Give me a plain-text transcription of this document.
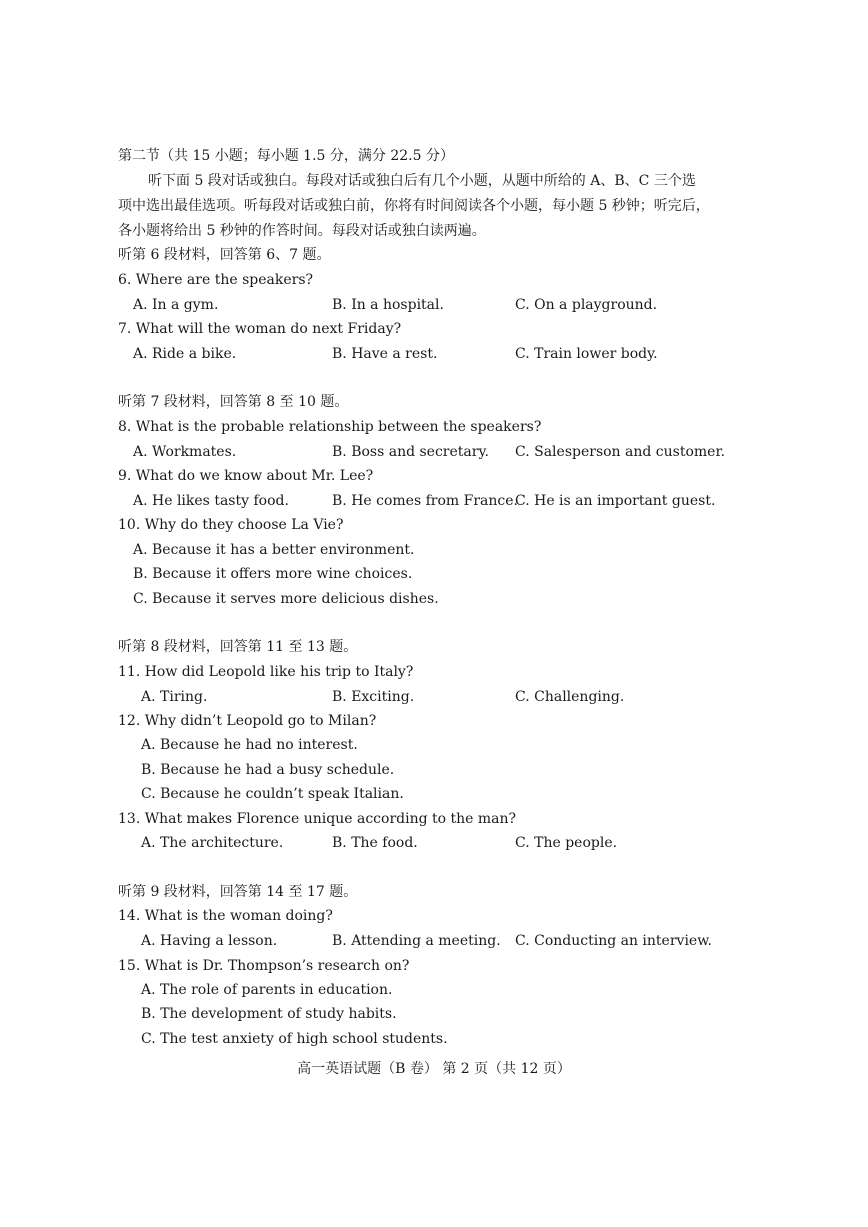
第二节（共 15 小题；每小题 1.5 分，满分 22.5 分）
听下面 5 段对话或独白。每段对话或独白后有几个小题，从题中所给的 A、B、C 三个选
项中选出最佳选项。听每段对话或独白前，你将有时间阅读各个小题，每小题 5 秒钟；听完后，
各小题将给出 5 秒钟的作答时间。每段对话或独白读两遍。
听第 6 段材料，回答第 6、7 题。
6. Where are the speakers?
A. In a gym.	B. In a hospital.	C. On a playground.
7. What will the woman do next Friday?
A. Ride a bike.	B. Have a rest.	C. Train lower body.
听第 7 段材料，回答第 8 至 10 题。
8. What is the probable relationship between the speakers?
A. Workmates.	B. Boss and secretary. C. Salesperson and customer.
9. What do we know about Mr. Lee?
A. He likes tasty food.	B. He comes from France.
C. He is an important guest.
10. Why do they choose La Vie?
A. Because it has a better environment.
B. Because it offers more wine choices.
C. Because it serves more delicious dishes.
听第 8 段材料，回答第 11 至 13 题。
11. How did Leopold like his trip to Italy?
A. Tiring.	B. Exciting.	C. Challenging.
12. Why didn’t Leopold go to Milan?
A. Because he had no interest.
B. Because he had a busy schedule.
C. Because he couldn’t speak Italian.
13. What makes Florence unique according to the man?
A. The architecture.	B. The food.	C. The people.
听第 9 段材料，回答第 14 至 17 题。
14. What is the woman doing?
A. Having a lesson.	B. Attending a meeting. C. Conducting an interview.
15. What is Dr. Thompson’s research on?
A. The role of parents in education.
B. The development of study habits.
C. The test anxiety of high school students.
高一英语试题（B 卷） 第 2 页（共 12 页）
